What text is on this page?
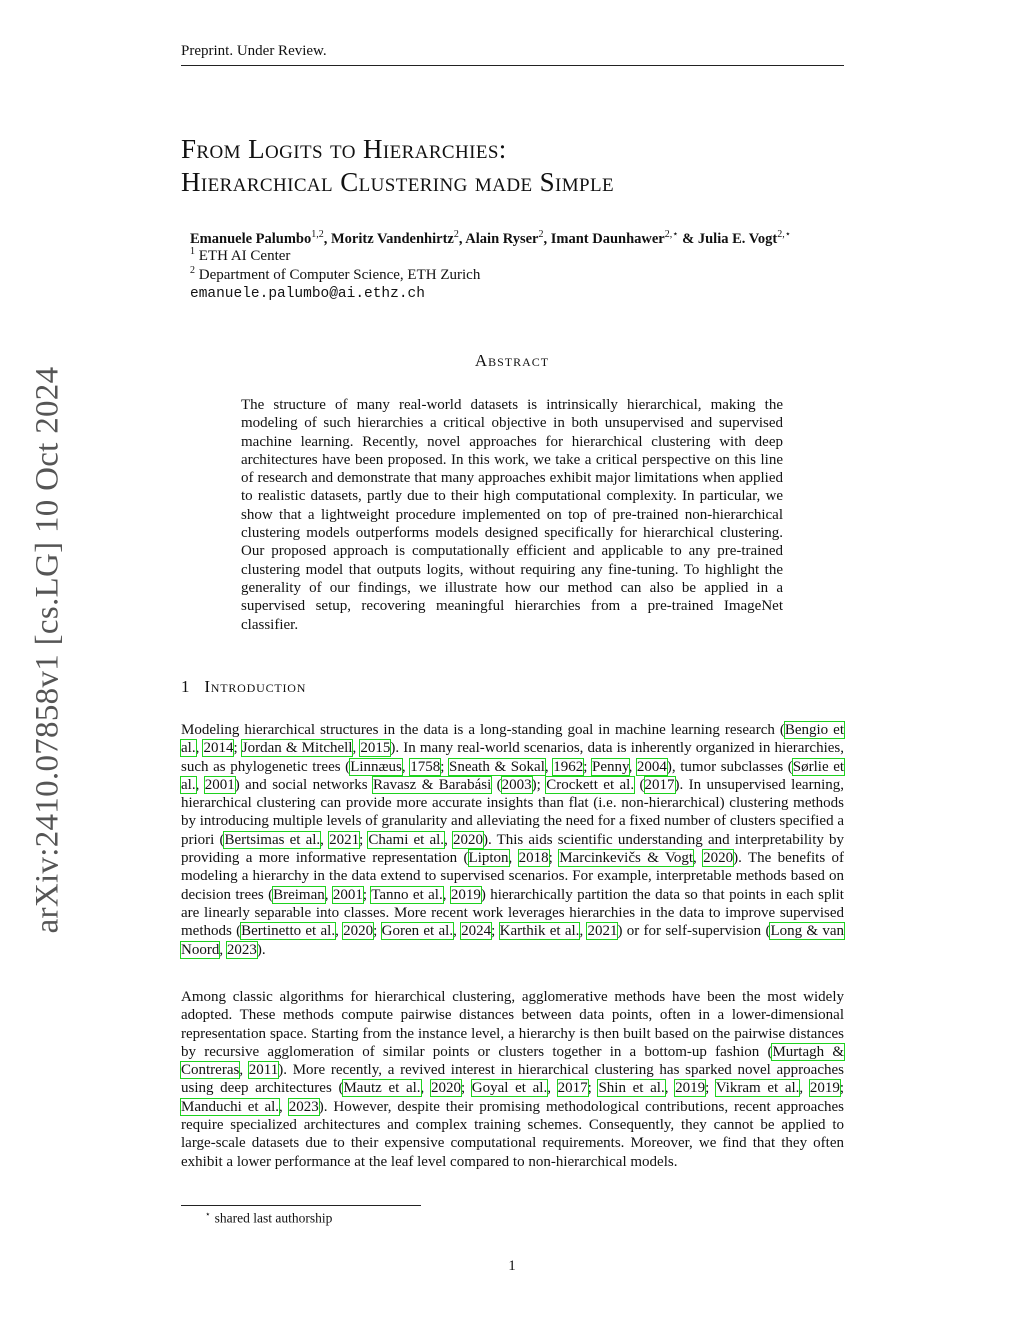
Preprint. Under Review.
arXiv:2410.07858v1 [cs.LG] 10 Oct 2024
From Logits to Hierarchies:
Hierarchical Clustering made Simple
Emanuele Palumbo$^{1,2}$, Moritz Vandenhirtz$^2$, Alain Ryser$^2$, Imant Daunhawer$^{2,⋆}$ & Julia E. Vogt$^{2,⋆}$
$^1$ ETH AI Center
$^2$ Department of Computer Science, ETH Zurich
emanuele.palumbo@ai.ethz.ch
Abstract
The structure of many real-world datasets is intrinsically hierarchical, making the modeling of such hierarchies a critical objective in both unsupervised and supervised machine learning. Recently, novel approaches for hierarchical clustering with deep architectures have been proposed. In this work, we take a critical perspective on this line of research and demonstrate that many approaches exhibit major limitations when applied to realistic datasets, partly due to their high computational complexity. In particular, we show that a lightweight procedure implemented on top of pre-trained non-hierarchical clustering models outperforms models designed specifically for hierarchical clustering. Our proposed approach is computationally efficient and applicable to any pre-trained clustering model that outputs logits, without requiring any fine-tuning. To highlight the generality of our findings, we illustrate how our method can also be applied in a supervised setup, recovering meaningful hierarchies from a pre-trained ImageNet classifier.
1 Introduction
Modeling hierarchical structures in the data is a long-standing goal in machine learning research (Bengio et al., 2014; Jordan & Mitchell, 2015). In many real-world scenarios, data is inherently organized in hierarchies, such as phylogenetic trees (Linnæus, 1758; Sneath & Sokal, 1962; Penny, 2004), tumor subclasses (Sørlie et al., 2001) and social networks Ravasz & Barabási (2003); Crockett et al. (2017). In unsupervised learning, hierarchical clustering can provide more accurate insights than flat (i.e. non-hierarchical) clustering methods by introducing multiple levels of granularity and alleviating the need for a fixed number of clusters specified a priori (Bertsimas et al., 2021; Chami et al., 2020). This aids scientific understanding and interpretability by providing a more informative representation (Lipton, 2018; Marcinkevičs & Vogt, 2020). The benefits of modeling a hierarchy in the data extend to supervised scenarios. For example, interpretable methods based on decision trees (Breiman, 2001; Tanno et al., 2019) hierarchically partition the data so that points in each split are linearly separable into classes. More recent work leverages hierarchies in the data to improve supervised methods (Bertinetto et al., 2020; Goren et al., 2024; Karthik et al., 2021) or for self-supervision (Long & van Noord, 2023).
Among classic algorithms for hierarchical clustering, agglomerative methods have been the most widely adopted. These methods compute pairwise distances between data points, often in a lower-dimensional representation space. Starting from the instance level, a hierarchy is then built based on the pairwise distances by recursive agglomeration of similar points or clusters together in a bottom-up fashion (Murtagh & Contreras, 2011). More recently, a revived interest in hierarchical clustering has sparked novel approaches using deep architectures (Mautz et al., 2020; Goyal et al., 2017; Shin et al., 2019; Vikram et al., 2019; Manduchi et al., 2023). However, despite their promising methodological contributions, recent approaches require specialized architectures and complex training schemes. Consequently, they cannot be applied to large-scale datasets due to their expensive computational requirements. Moreover, we find that they often exhibit a lower performance at the leaf level compared to non-hierarchical models.
⋆ shared last authorship
1
